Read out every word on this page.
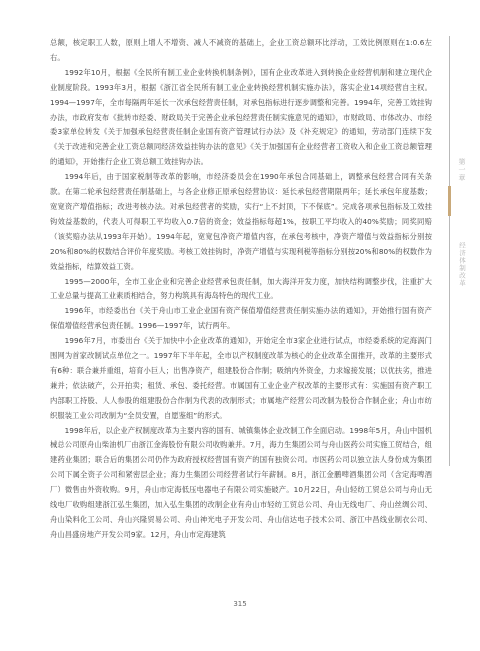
总额，核定职工人数，原则上增人不增资、减人不减资的基础上，企业工资总额环比浮动，工效比例原则在1:0.6左右。

1992年10月，根据《全民所有制工业企业转换机制条例》，国有企业改革进入到转换企业经营机制和建立现代企业制度阶段。1993年3月，根据《浙江省全民所有制工业企业转换经营机制实施办法》，落实企业14项经营自主权。1994—1997年，全市每隔两年延长一次承包经营责任制，对承包指标进行逐步调整和完善。1994年，完善工效挂钩办法，市政府发布《批转市经委、财政局关于完善企业承包经营责任制实施意见的通知》，市财政局、市体改办、市经委3家单位转发《关于加强承包经营责任制企业国有资产管理试行办法》及《补充规定》的通知，劳动部门连续下发《关于改进和完善企业工资总额同经济效益挂钩办法的意见》《关于加强国有企业经营者工资收入和企业工资总额管理的通知》，开始推行企业工资总额工效挂钩办法。

1994年后，由于国家税制等改革的影响，市经济委员会在1990年承包合同基础上，调整承包经营合同有关条款。在第二轮承包经营责任制基础上，与各企业修正原承包经营协议：延长承包经营期限两年；延长承包年度基数；宽宽资产增值指标；改进考核办法。对承包经营者的奖励，实行“上不封顶，下不保底”。完成各项承包指标及工效挂钩效益基数的，代表人可得职工平均收入0.7倍的资金；效益指标每超1%，按职工平均收入的40%奖励；同奖同赔（该奖赔办法从1993年开始）。1994年起，宽宽包净资产增值内容，在承包考核中，净资产增值与效益指标分别按20%和80%的权数结合评价年度奖励。考核工效挂钩时，净资产增值与实现利税等指标分别按20%和80%的权数作为效益指标，结算效益工资。

1995—2000年，全市工业企业和完善企业经营承包责任制，加大海洋开发力度，加快结构调整步伐，注重扩大工业总量与提高工业素质相结合，努力构筑具有海岛特色的现代工业。

1996年，市经委出台《关于舟山市工业企业国有资产保值增值经营责任制实施办法的通知》，开始推行国有资产保值增值经营承包责任制。1996—1997年，试行两年。

1996年7月，市委出台《关于加快中小企业改革的通知》，开始定全市3家企业进行试点，市经委系统的定海涡门围网为首家改制试点单位之一。1997年下半年起，全市以产权制度改革为核心的企业改革全面推开，改革的主要形式有6种：联合兼并重组，培育小巨人；出售净资产，组建股份合作制；吸纳内外资金，力求嫁接发展；以优扶劣，推进兼并；依法破产，公开拍卖；租赁、承包、委托经营。市属国有工业企业产权改革的主要形式有：实施国有资产职工内部职工持股、人人参股的组建股份合作制为代表的改制形式；市属地产经营公司改制为股份合作制企业；舟山市纺织服装工业公司改制为“全员安置，自愿鉴组”的形式。

1998年后，以企业产权制度改革为主要内容的国有、城镇集体企业改制工作全面启动。1998年5月，舟山中国机械总公司原舟山柴油机厂由浙江金海股份有限公司收购兼并。7月，海力生集团公司与舟山医药公司实施工贸结合，组建药业集团；联合后的集团公司仍作为政府授权经营国有资产的国有独资公司。市医药公司以独立法人身份成为集团公司下属全资子公司和紧密层企业；海力生集团公司经营者试行年薪制。8月，浙江金鹏啤酒集团公司（含定海啤酒厂）微售由外资收购。9月，舟山市定海低压电器电子有限公司实施破产。10月22日，舟山轻纺工贸总公司与舟山无线电厂收购组建浙江弘生集团，加入弘生集团的改制企业有舟山市轻纺工贸总公司、舟山无线电厂、舟山丝绸公司、舟山染料化工公司、舟山兴隆贸易公司、舟山神光电子开发公司、舟山信达电子技术公司、浙江中昌线业制衣公司、舟山昌盛房地产开发公司9家。12月，舟山市定海建筑

第一章
经济体制改革
315
